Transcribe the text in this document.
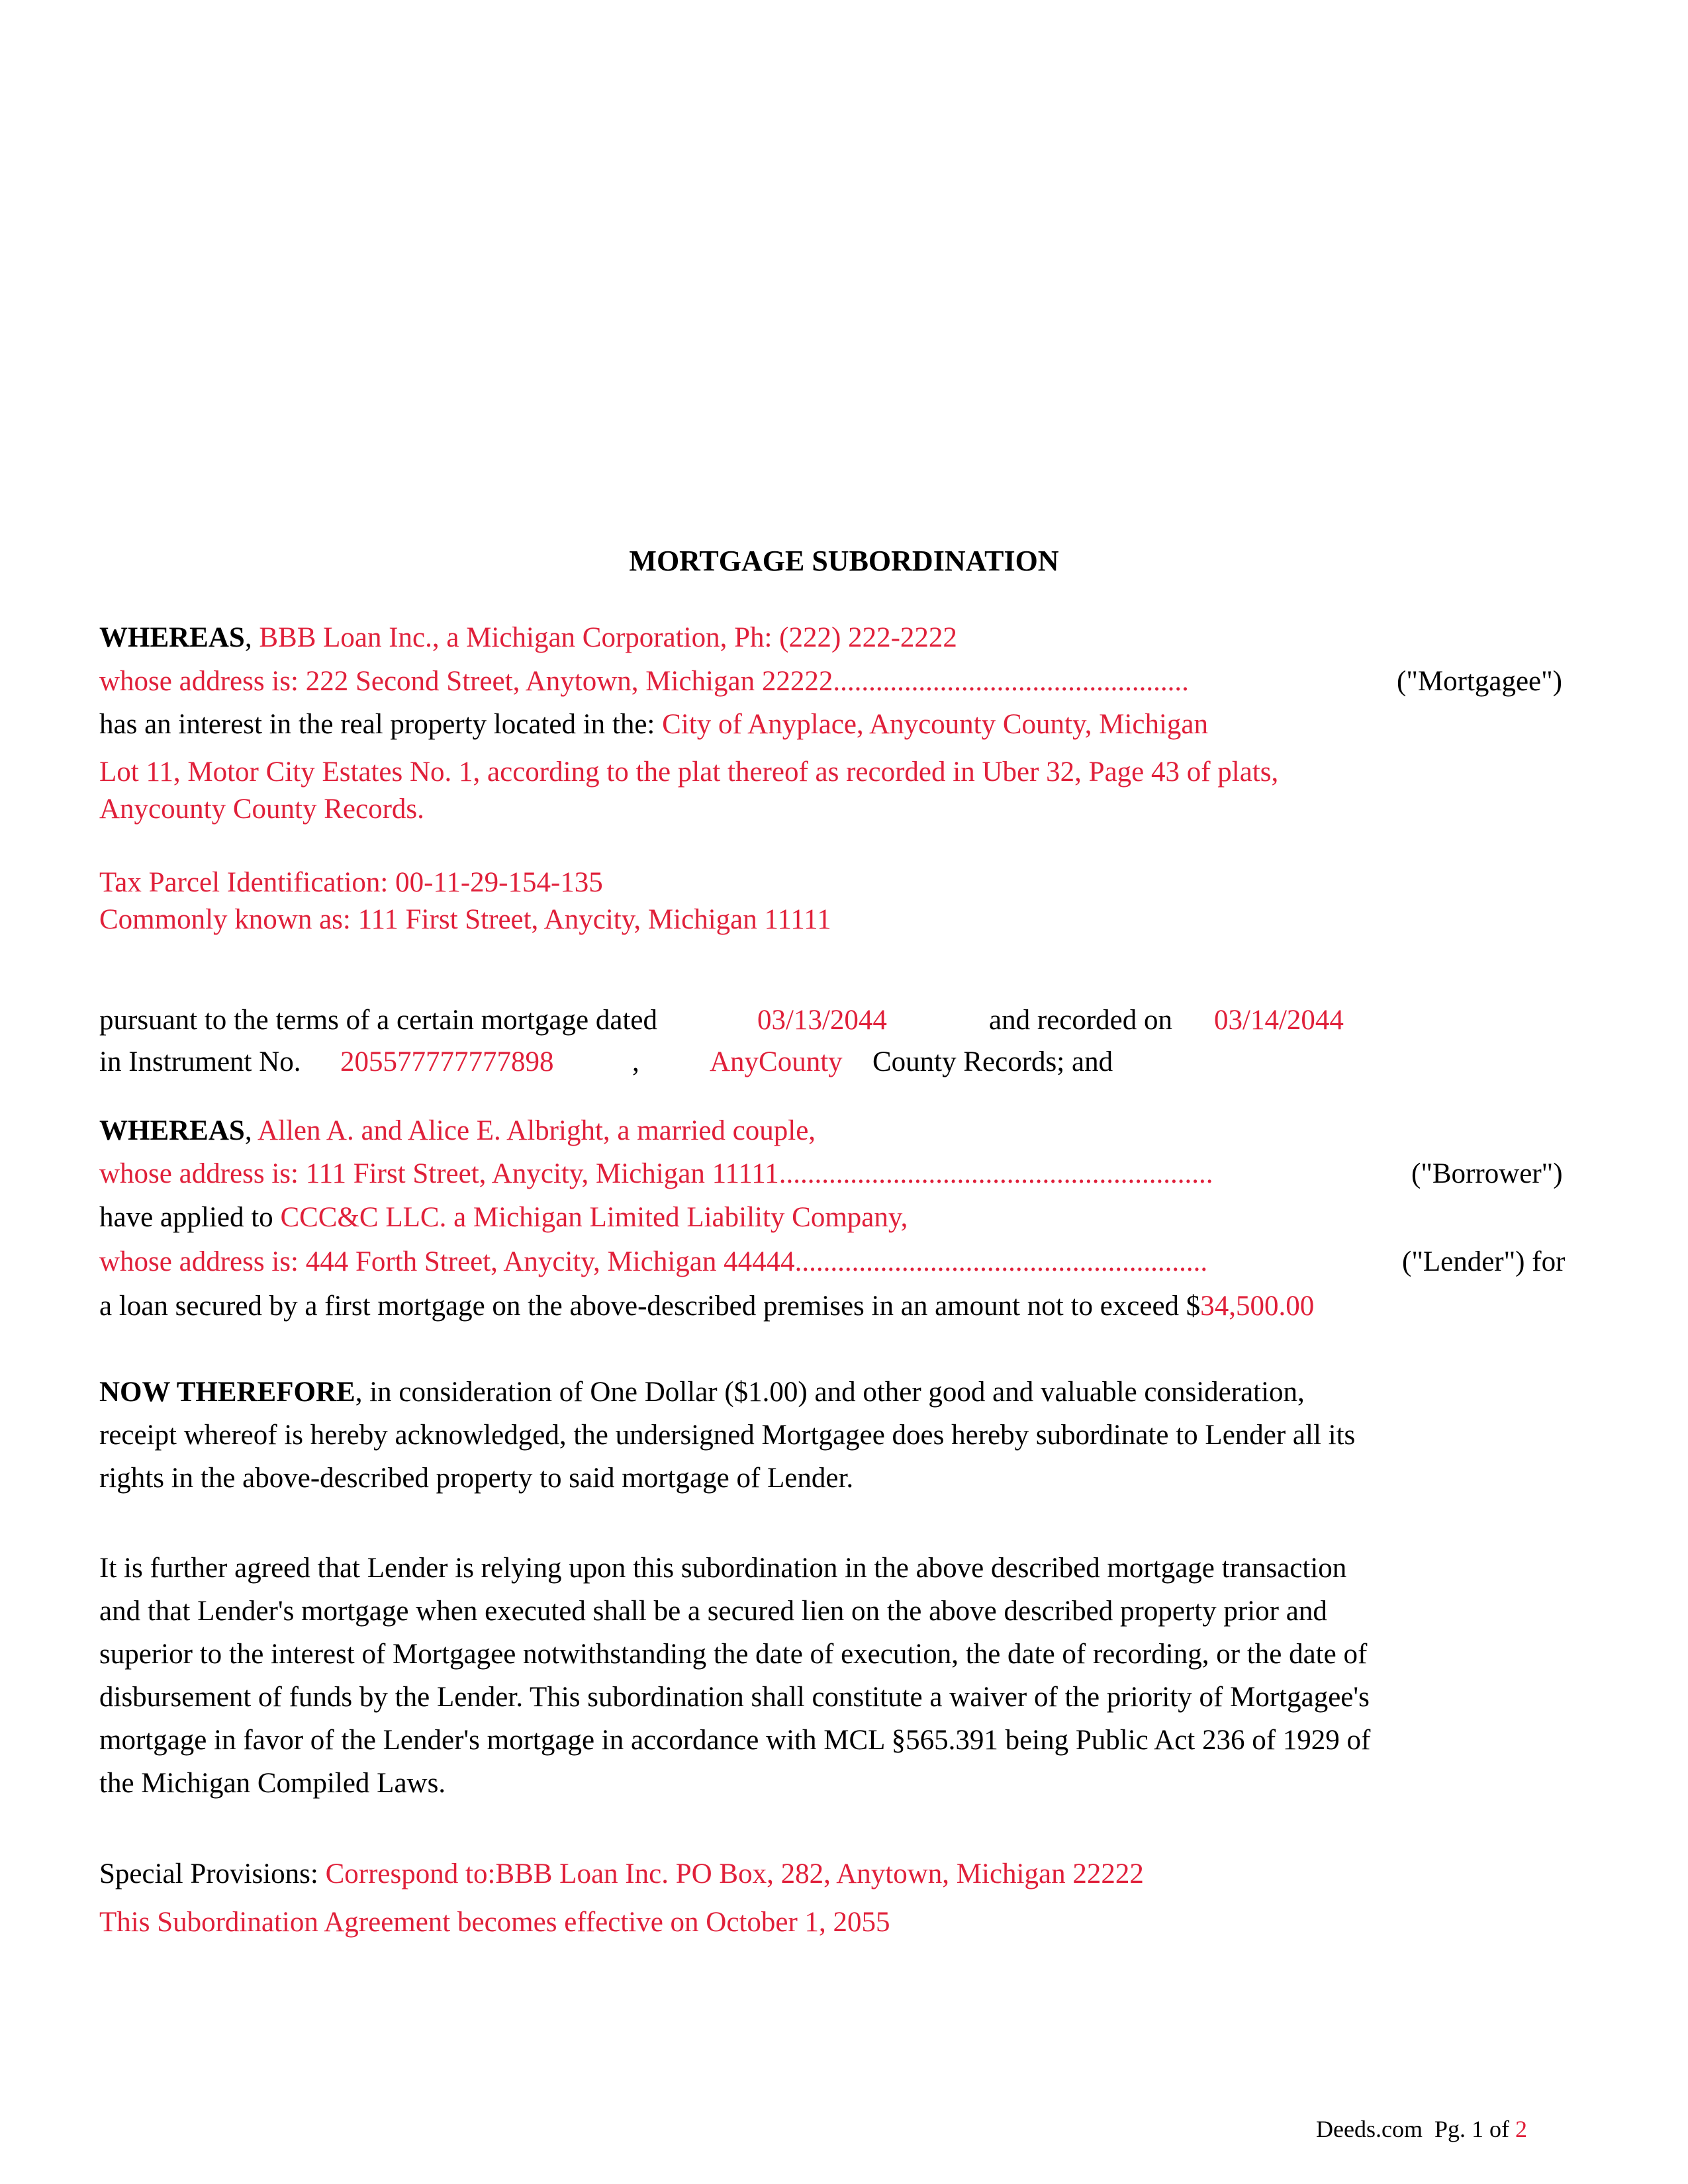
MORTGAGE SUBORDINATION
WHEREAS, BBB Loan Inc., a Michigan Corporation, Ph: (222) 222-2222
whose address is: 222 Second Street, Anytown, Michigan 22222..................................................	("Mortgagee")
has an interest in the real property located in the: City of Anyplace, Anycounty County, Michigan
Lot 11, Motor City Estates No. 1, according to the plat thereof as recorded in Uber 32, Page 43 of plats,
Anycounty County Records.
Tax Parcel Identification: 00-11-29-154-135
Commonly known as: 111 First Street, Anycity, Michigan 11111
pursuant to the terms of a certain mortgage dated	03/13/2044	and recorded on 03/14/2044
in Instrument No. 205577777777898	, AnyCounty County Records; and
WHEREAS, Allen A. and Alice E. Albright, a married couple,
whose address is: 111 First Street, Anycity, Michigan 11111.............................................................	("Borrower")
have applied to CCC&C LLC. a Michigan Limited Liability Company,
whose address is: 444 Forth Street, Anycity, Michigan 44444..........................................................	("Lender") for
a loan secured by a first mortgage on the above-described premises in an amount not to exceed $34,500.00
NOW THEREFORE, in consideration of One Dollar ($1.00) and other good and valuable consideration,
receipt whereof is hereby acknowledged, the undersigned Mortgagee does hereby subordinate to Lender all its
rights in the above-described property to said mortgage of Lender.
It is further agreed that Lender is relying upon this subordination in the above described mortgage transaction
and that Lender's mortgage when executed shall be a secured lien on the above described property prior and
superior to the interest of Mortgagee notwithstanding the date of execution, the date of recording, or the date of
disbursement of funds by the Lender. This subordination shall constitute a waiver of the priority of Mortgagee's
mortgage in favor of the Lender's mortgage in accordance with MCL §565.391 being Public Act 236 of 1929 of
the Michigan Compiled Laws.
Special Provisions: Correspond to:BBB Loan Inc. PO Box, 282, Anytown, Michigan 22222
This Subordination Agreement becomes effective on October 1, 2055
Deeds.com Pg. 1 of 2
